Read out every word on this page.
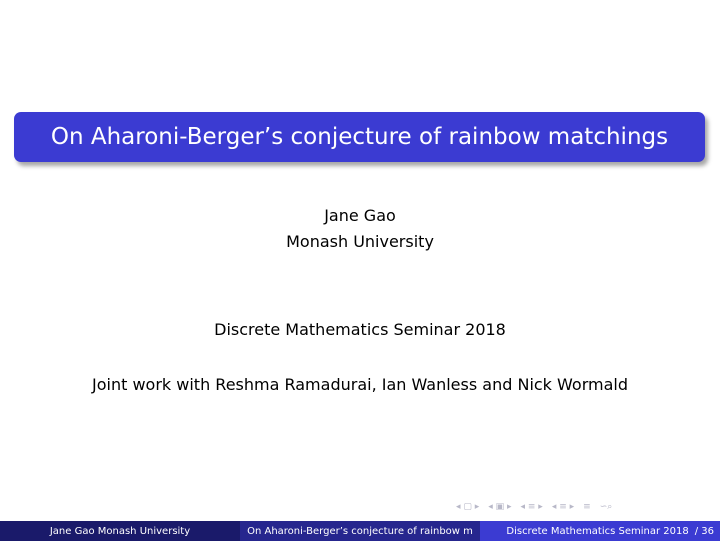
On Aharoni-Berger’s conjecture of rainbow matchings
Jane Gao
Monash University
Discrete Mathematics Seminar 2018
Joint work with Reshma Ramadurai, Ian Wanless and Nick Wormald
◂ ▢ ▸ ◂ ▣ ▸ ◂ ≡ ▸ ◂ ≡ ▸ ≡ ∽⌕
Jane Gao Monash University	On Aharoni-Berger’s conjecture of rainbow m	Discrete Mathematics Seminar 2018 / 36
